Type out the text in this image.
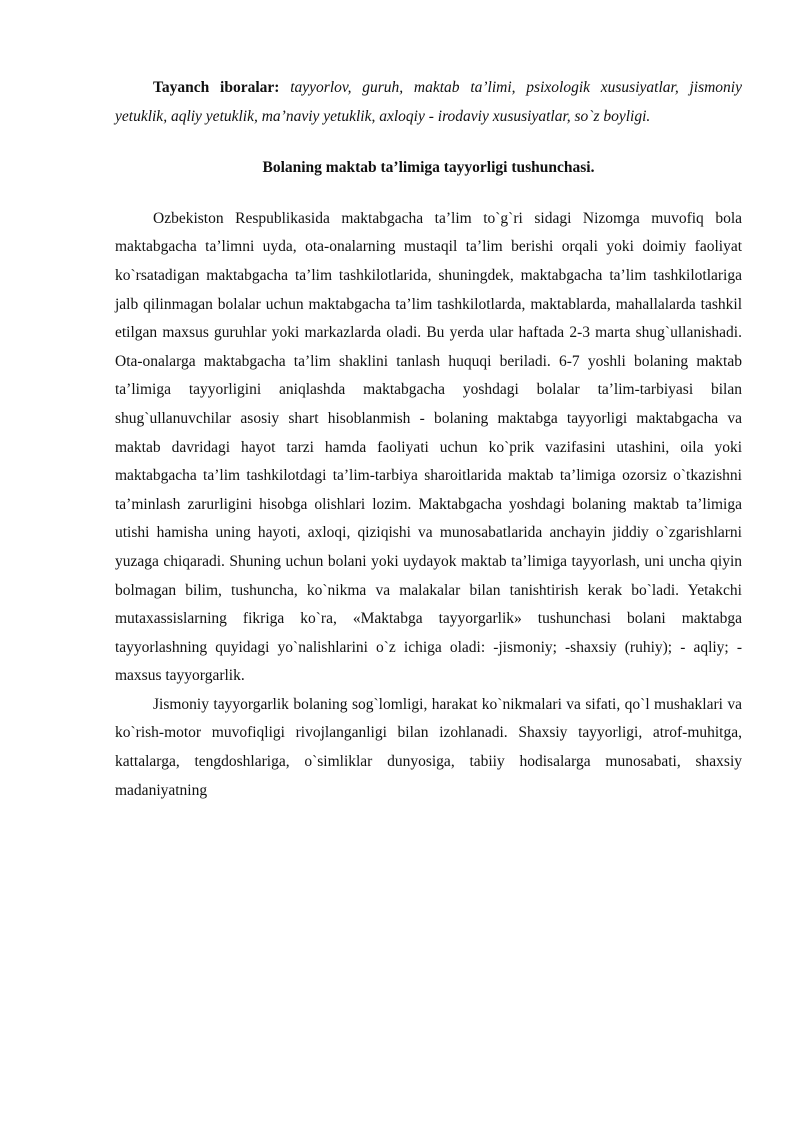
Tayanch iboralar: tayyorlov, guruh, maktab ta’limi, psixologik xususiyatlar, jismoniy yetuklik, aqliy yetuklik, ma’naviy yetuklik, axloqiy - irodaviy xususiyatlar, so`z boyligi.

Bolaning maktab ta’limiga tayyorligi tushunchasi.

Ozbekiston Respublikasida maktabgacha ta’lim to`g`ri sidagi Nizomga muvofiq bola maktabgacha ta’limni uyda, ota-onalarning mustaqil ta’lim berishi orqali yoki doimiy faoliyat ko`rsatadigan maktabgacha ta’lim tashkilotlarida, shuningdek, maktabgacha ta’lim tashkilotlariga jalb qilinmagan bolalar uchun maktabgacha ta’lim tashkilotlarda, maktablarda, mahallalarda tashkil etilgan maxsus guruhlar yoki markazlarda oladi. Bu yerda ular haftada 2-3 marta shug`ullanishadi. Ota-onalarga maktabgacha ta’lim shaklini tanlash huquqi beriladi. 6-7 yoshli bolaning maktab ta’limiga tayyorligini aniqlashda maktabgacha yoshdagi bolalar ta’lim-tarbiyasi bilan shug`ullanuvchilar asosiy shart hisoblanmish - bolaning maktabga tayyorligi maktabgacha va maktab davridagi hayot tarzi hamda faoliyati uchun ko`prik vazifasini utashini, oila yoki maktabgacha ta’lim tashkilotdagi ta’lim-tarbiya sharoitlarida maktab ta’limiga ozorsiz o`tkazishni ta’minlash zarurligini hisobga olishlari lozim. Maktabgacha yoshdagi bolaning maktab ta’limiga utishi hamisha uning hayoti, axloqi, qiziqishi va munosabatlarida anchayin jiddiy o`zgarishlarni yuzaga chiqaradi. Shuning uchun bolani yoki uydayok maktab ta’limiga tayyorlash, uni uncha qiyin bolmagan bilim, tushuncha, ko`nikma va malakalar bilan tanishtirish kerak bo`ladi. Yetakchi mutaxassislarning fikriga ko`ra, «Maktabga tayyorgarlik» tushunchasi bolani maktabga tayyorlashning quyidagi yo`nalishlarini o`z ichiga oladi: -jismoniy; -shaxsiy (ruhiy); - aqliy; -maxsus tayyorgarlik.

Jismoniy tayyorgarlik bolaning sog`lomligi, harakat ko`nikmalari va sifati, qo`l mushaklari va ko`rish-motor muvofiqligi rivojlanganligi bilan izohlanadi. Shaxsiy tayyorligi, atrof-muhitga, kattalarga, tengdoshlariga, o`simliklar dunyosiga, tabiiy hodisalarga munosabati, shaxsiy madaniyatning
